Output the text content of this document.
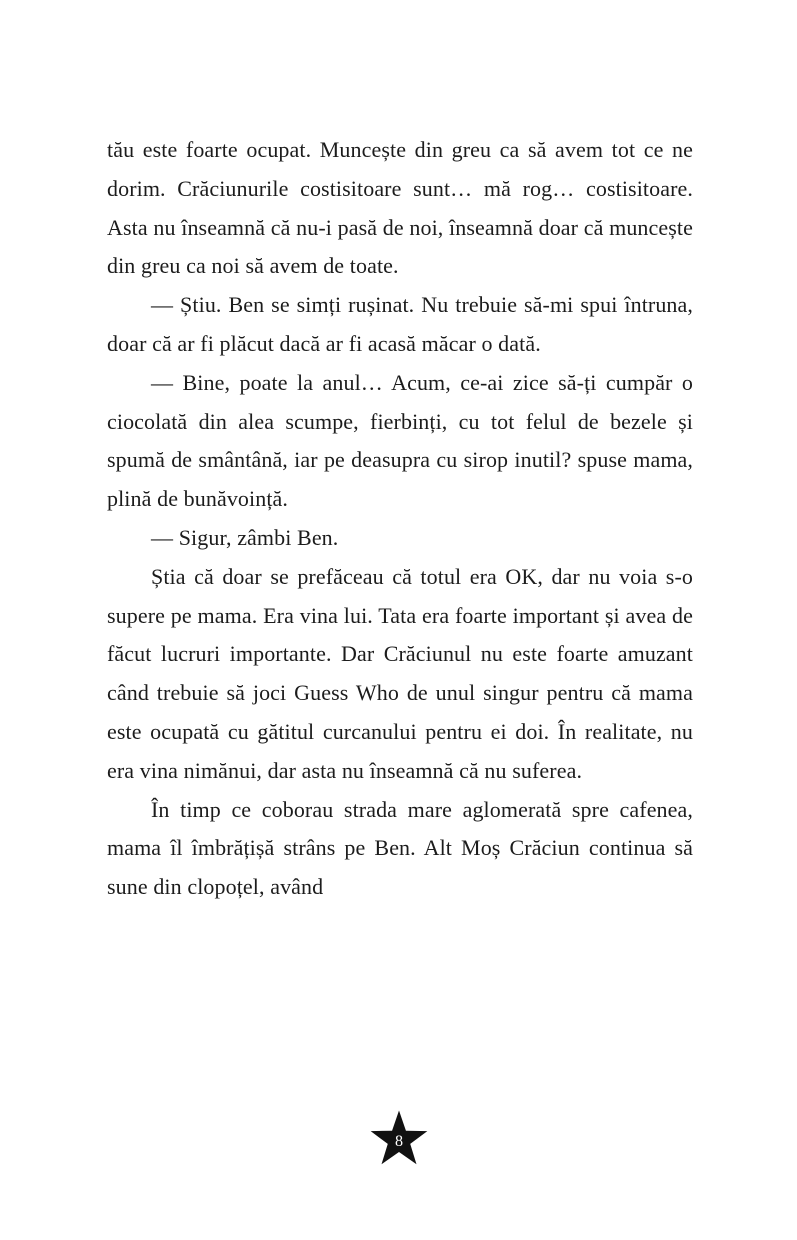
tău este foarte ocupat. Muncește din greu ca să avem tot ce ne dorim. Crăciunurile costisitoare sunt… mă rog… costisitoare. Asta nu înseamnă că nu-i pasă de noi, înseamnă doar că muncește din greu ca noi să avem de toate.

— Știu. Ben se simți rușinat. Nu trebuie să-mi spui întruna, doar că ar fi plăcut dacă ar fi acasă măcar o dată.

— Bine, poate la anul… Acum, ce-ai zice să-ți cumpăr o ciocolată din alea scumpe, fierbinți, cu tot felul de bezele și spumă de smântână, iar pe deasupra cu sirop inutil? spuse mama, plină de bunăvoință.

— Sigur, zâmbi Ben.

Știa că doar se prefăceau că totul era OK, dar nu voia s-o supere pe mama. Era vina lui. Tata era foarte important și avea de făcut lucruri importante. Dar Crăciunul nu este foarte amuzant când trebuie să joci Guess Who de unul singur pentru că mama este ocupată cu gătitul curcanului pentru ei doi. În realitate, nu era vina nimănui, dar asta nu înseamnă că nu suferea.

În timp ce coborau strada mare aglomerată spre cafenea, mama îl îmbrățișă strâns pe Ben. Alt Moș Crăciun continua să sune din clopoțel, având

8
